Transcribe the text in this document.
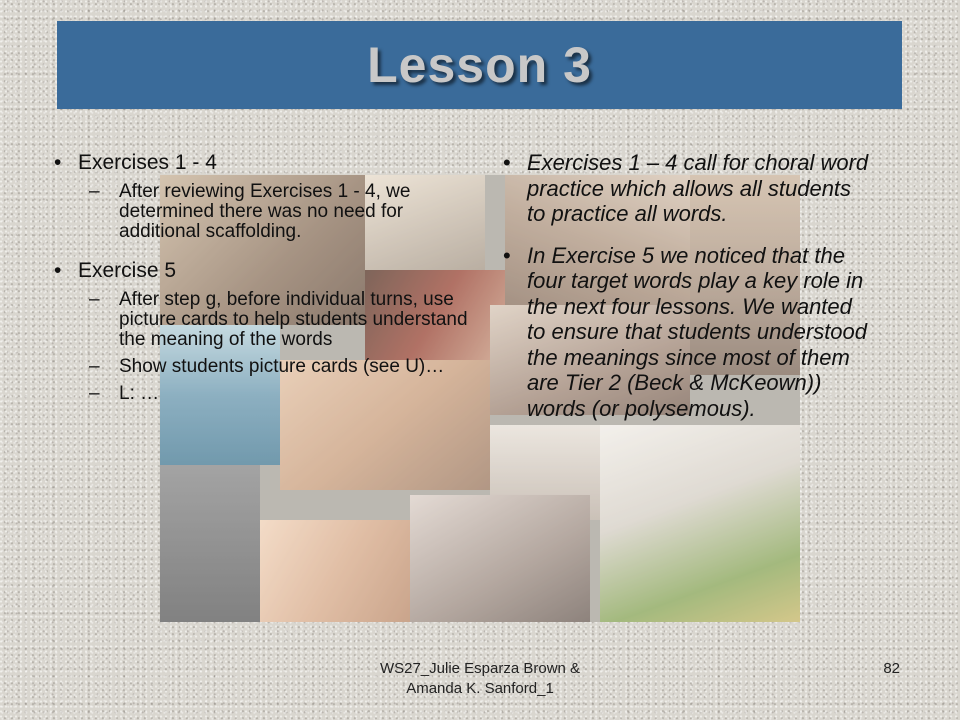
Lesson 3
• Exercises 1 - 4
– After reviewing Exercises 1 - 4, we determined there was no need for additional scaffolding.
• Exercise 5
– After step g, before individual turns, use picture cards to help students understand the meaning of the words
– Show students picture cards (see U)…
– L: …
• Exercises 1 – 4 call for choral word practice which allows all students to practice all words.
• In Exercise 5 we noticed that the four target words play a key role in the next four lessons. We wanted to ensure that students understood the meanings since most of them are Tier 2 (Beck & McKeown)) words (or polysemous).
WS27_Julie Esparza Brown &
Amanda K. Sanford_1
82
